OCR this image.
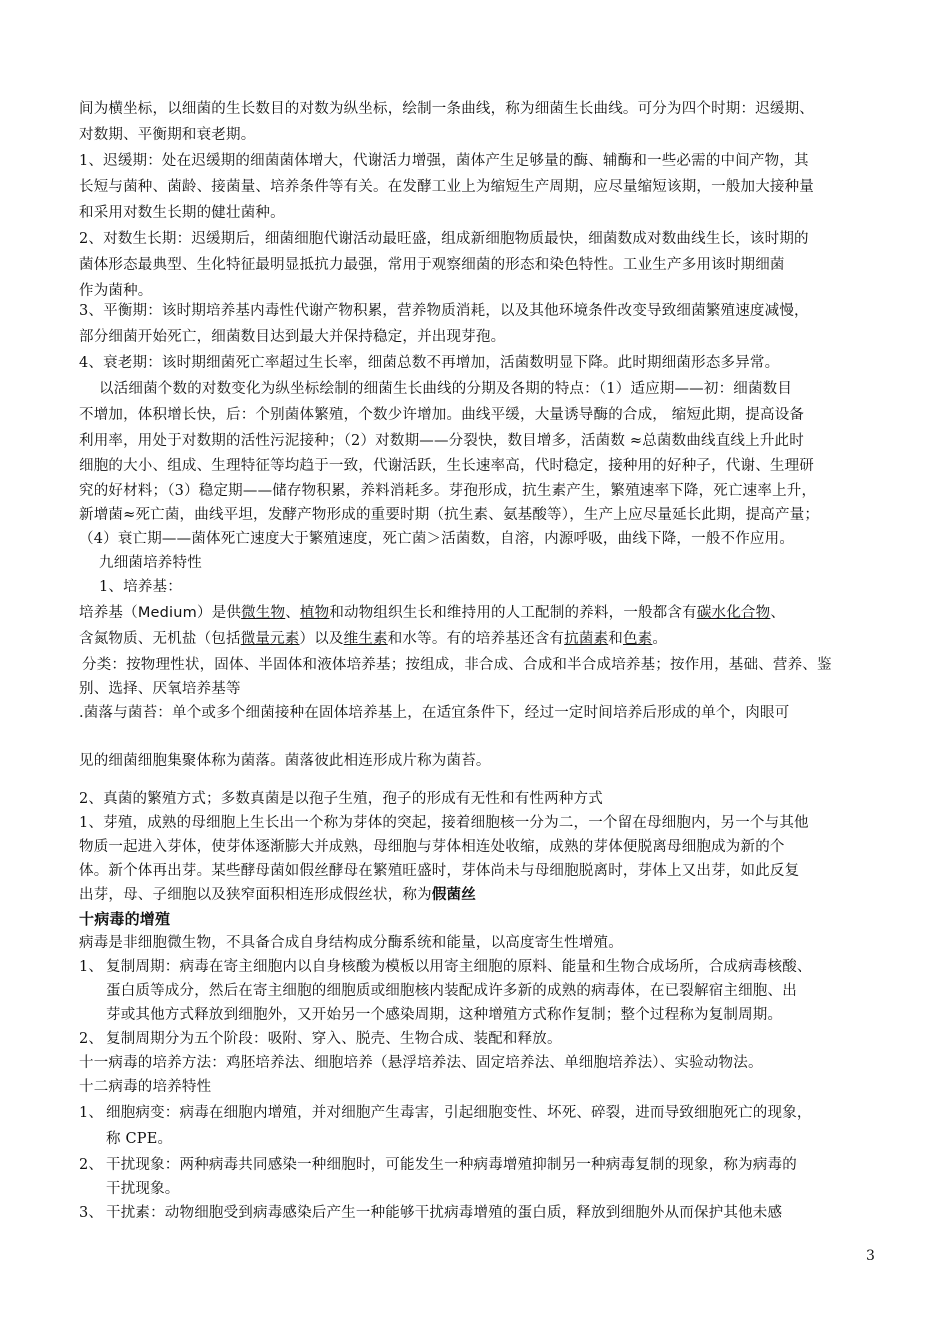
间为横坐标，以细菌的生长数目的对数为纵坐标，绘制一条曲线，称为细菌生长曲线。可分为四个时期：迟缓期、
对数期、平衡期和衰老期。
1、迟缓期：处在迟缓期的细菌菌体增大，代谢活力增强，菌体产生足够量的酶、辅酶和一些必需的中间产物，其
长短与菌种、菌龄、接菌量、培养条件等有关。在发酵工业上为缩短生产周期，应尽量缩短该期，一般加大接种量
和采用对数生长期的健壮菌种。
2、对数生长期：迟缓期后，细菌细胞代谢活动最旺盛，组成新细胞物质最快，细菌数成对数曲线生长，该时期的
菌体形态最典型、生化特征最明显抵抗力最强，常用于观察细菌的形态和染色特性。工业生产多用该时期细菌
作为菌种。
3、平衡期：该时期培养基内毒性代谢产物积累，营养物质消耗，以及其他环境条件改变导致细菌繁殖速度减慢，
部分细菌开始死亡，细菌数目达到最大并保持稳定，并出现芽孢。
4、衰老期：该时期细菌死亡率超过生长率，细菌总数不再增加，活菌数明显下降。此时期细菌形态多异常。
以活细菌个数的对数变化为纵坐标绘制的细菌生长曲线的分期及各期的特点：（1）适应期——初：细菌数目
不增加，体积增长快，后：个别菌体繁殖，个数少许增加。曲线平缓，大量诱导酶的合成， 缩短此期，提高设备
利用率，用处于对数期的活性污泥接种；（2）对数期——分裂快，数目增多，活菌数 ≈总菌数曲线直线上升此时
细胞的大小、组成、生理特征等均趋于一致，代谢活跃，生长速率高，代时稳定，接种用的好种子，代谢、生理研
究的好材料；（3）稳定期——储存物积累，养料消耗多。芽孢形成，抗生素产生，繁殖速率下降，死亡速率上升，
新增菌≈死亡菌，曲线平坦，发酵产物形成的重要时期（抗生素、氨基酸等），生产上应尽量延长此期，提高产量；
（4）衰亡期——菌体死亡速度大于繁殖速度，死亡菌＞活菌数，自溶，内源呼吸，曲线下降，一般不作应用。
九细菌培养特性
1、培养基：
培养基（Medium）是供微生物、植物和动物组织生长和维持用的人工配制的养料，一般都含有碳水化合物、
含氮物质、无机盐（包括微量元素）以及维生素和水等。有的培养基还含有抗菌素和色素。
分类：按物理性状，固体、半固体和液体培养基；按组成，非合成、合成和半合成培养基；按作用，基础、营养、鉴
别、选择、厌氧培养基等
.菌落与菌苔：单个或多个细菌接种在固体培养基上，在适宜条件下，经过一定时间培养后形成的单个，肉眼可
见的细菌细胞集聚体称为菌落。菌落彼此相连形成片称为菌苔。
2、真菌的繁殖方式；多数真菌是以孢子生殖，孢子的形成有无性和有性两种方式
1、芽殖，成熟的母细胞上生长出一个称为芽体的突起，接着细胞核一分为二，一个留在母细胞内，另一个与其他
物质一起进入芽体，使芽体逐渐膨大并成熟，母细胞与芽体相连处收缩，成熟的芽体便脱离母细胞成为新的个
体。新个体再出芽。某些酵母菌如假丝酵母在繁殖旺盛时，芽体尚未与母细胞脱离时，芽体上又出芽，如此反复
出芽，母、子细胞以及狭窄面积相连形成假丝状，称为假菌丝
十病毒的增殖
病毒是非细胞微生物，不具备合成自身结构成分酶系统和能量，以高度寄生性增殖。
1、 复制周期：病毒在寄主细胞内以自身核酸为模板以用寄主细胞的原料、能量和生物合成场所，合成病毒核酸、
蛋白质等成分，然后在寄主细胞的细胞质或细胞核内装配成许多新的成熟的病毒体，在已裂解宿主细胞、出
芽或其他方式释放到细胞外，又开始另一个感染周期，这种增殖方式称作复制；整个过程称为复制周期。
2、 复制周期分为五个阶段：吸附、穿入、脱壳、生物合成、装配和释放。
十一病毒的培养方法：鸡胚培养法、细胞培养（悬浮培养法、固定培养法、单细胞培养法）、实验动物法。
十二病毒的培养特性
1、 细胞病变：病毒在细胞内增殖，并对细胞产生毒害，引起细胞变性、坏死、碎裂，进而导致细胞死亡的现象，
称 CPE。
2、 干扰现象：两种病毒共同感染一种细胞时，可能发生一种病毒增殖抑制另一种病毒复制的现象，称为病毒的
干扰现象。
3、 干扰素：动物细胞受到病毒感染后产生一种能够干扰病毒增殖的蛋白质，释放到细胞外从而保护其他未感
3
